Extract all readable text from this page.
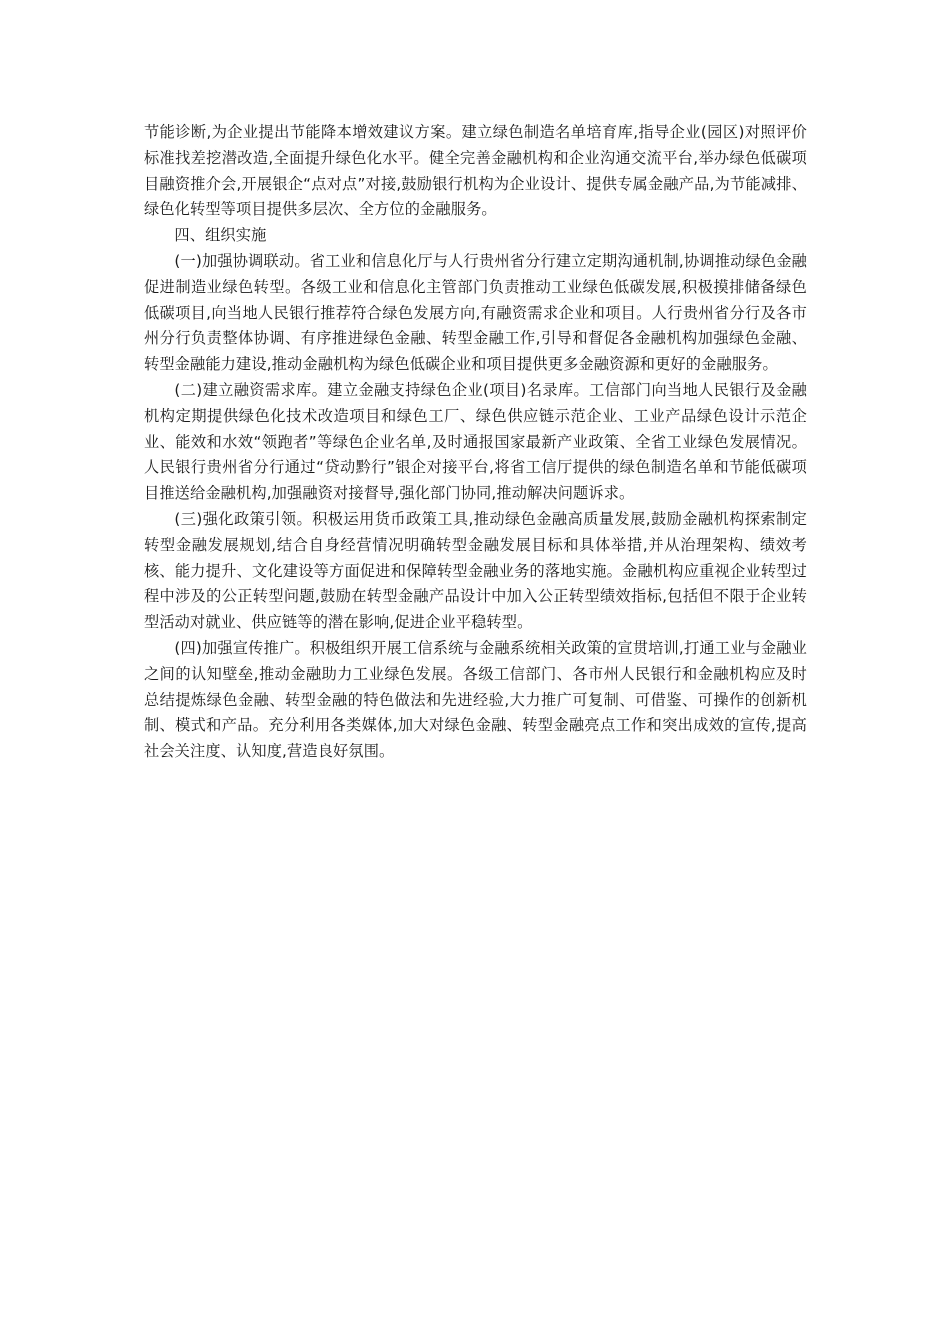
节能诊断,为企业提出节能降本增效建议方案。建立绿色制造名单培育库,指导企业(园区)对照评价标准找差挖潜改造,全面提升绿色化水平。健全完善金融机构和企业沟通交流平台,举办绿色低碳项目融资推介会,开展银企“点对点”对接,鼓励银行机构为企业设计、提供专属金融产品,为节能减排、绿色化转型等项目提供多层次、全方位的金融服务。

四、组织实施

(一)加强协调联动。省工业和信息化厅与人行贵州省分行建立定期沟通机制,协调推动绿色金融促进制造业绿色转型。各级工业和信息化主管部门负责推动工业绿色低碳发展,积极摸排储备绿色低碳项目,向当地人民银行推荐符合绿色发展方向,有融资需求企业和项目。人行贵州省分行及各市州分行负责整体协调、有序推进绿色金融、转型金融工作,引导和督促各金融机构加强绿色金融、转型金融能力建设,推动金融机构为绿色低碳企业和项目提供更多金融资源和更好的金融服务。

(二)建立融资需求库。建立金融支持绿色企业(项目)名录库。工信部门向当地人民银行及金融机构定期提供绿色化技术改造项目和绿色工厂、绿色供应链示范企业、工业产品绿色设计示范企业、能效和水效“领跑者”等绿色企业名单,及时通报国家最新产业政策、全省工业绿色发展情况。人民银行贵州省分行通过“贷动黔行”银企对接平台,将省工信厅提供的绿色制造名单和节能低碳项目推送给金融机构,加强融资对接督导,强化部门协同,推动解决问题诉求。

(三)强化政策引领。积极运用货币政策工具,推动绿色金融高质量发展,鼓励金融机构探索制定转型金融发展规划,结合自身经营情况明确转型金融发展目标和具体举措,并从治理架构、绩效考核、能力提升、文化建设等方面促进和保障转型金融业务的落地实施。金融机构应重视企业转型过程中涉及的公正转型问题,鼓励在转型金融产品设计中加入公正转型绩效指标,包括但不限于企业转型活动对就业、供应链等的潜在影响,促进企业平稳转型。

(四)加强宣传推广。积极组织开展工信系统与金融系统相关政策的宣贯培训,打通工业与金融业之间的认知壁垒,推动金融助力工业绿色发展。各级工信部门、各市州人民银行和金融机构应及时总结提炼绿色金融、转型金融的特色做法和先进经验,大力推广可复制、可借鉴、可操作的创新机制、模式和产品。充分利用各类媒体,加大对绿色金融、转型金融亮点工作和突出成效的宣传,提高社会关注度、认知度,营造良好氛围。
